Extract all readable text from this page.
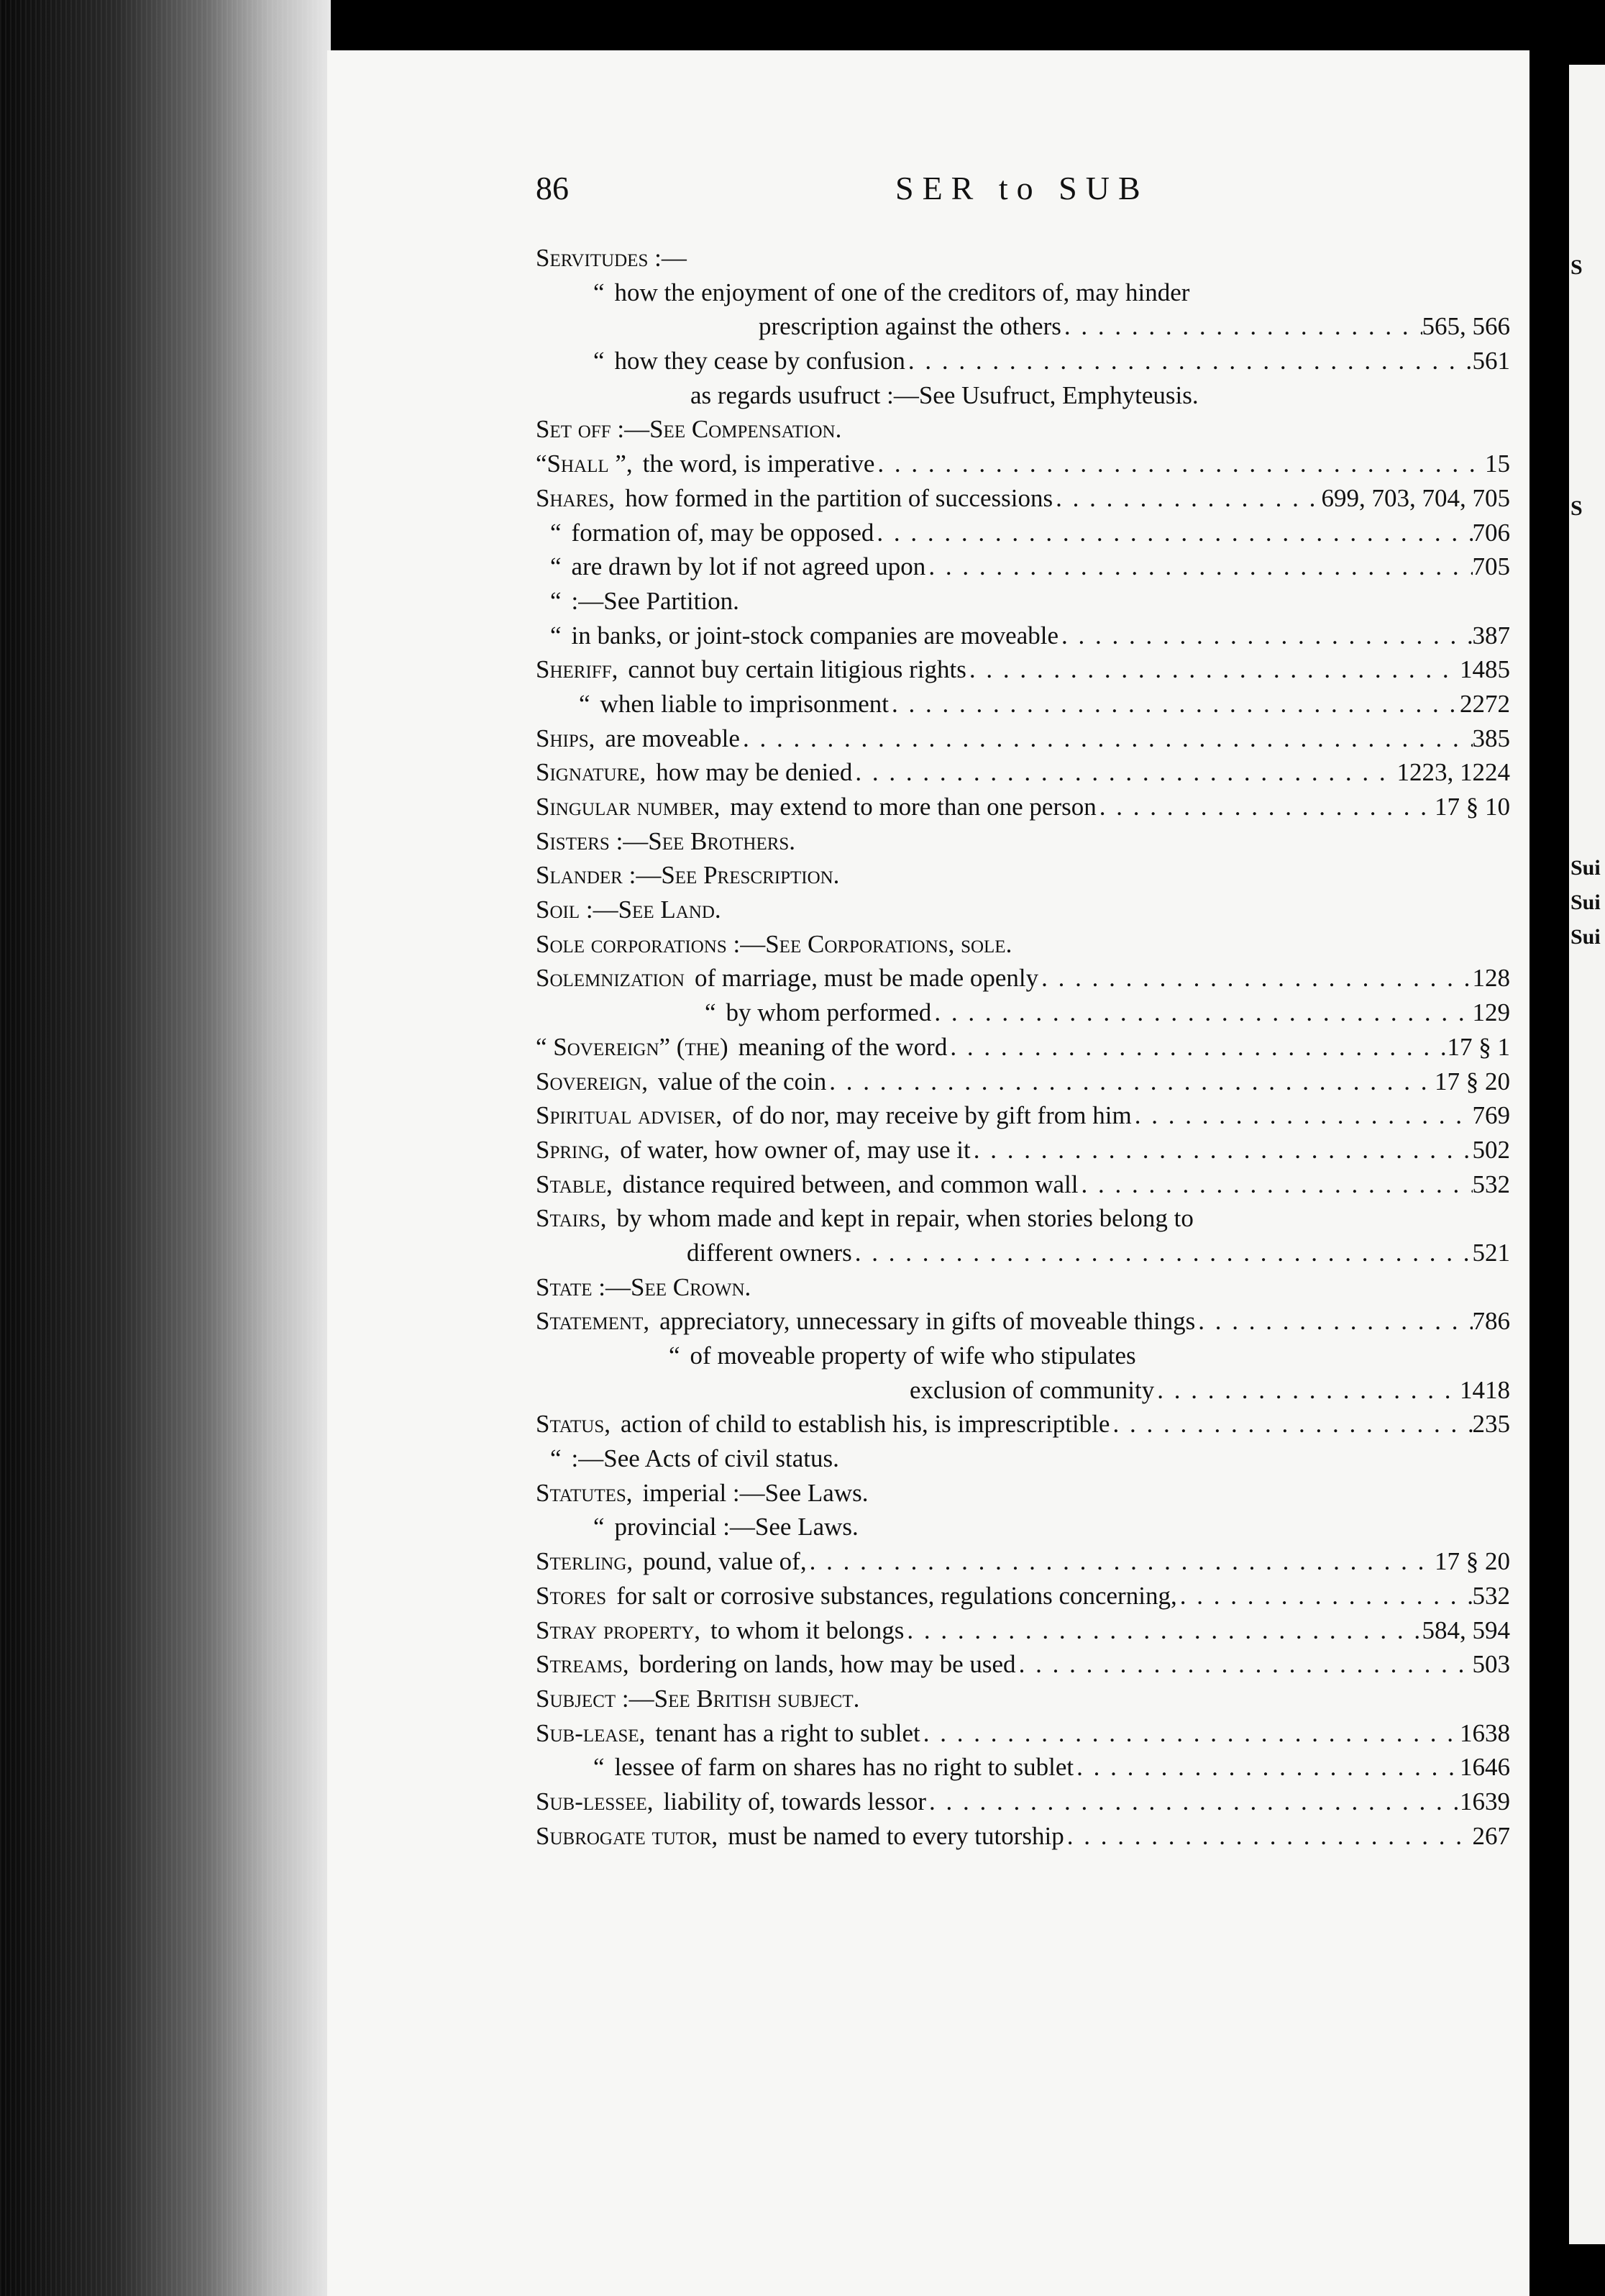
S
S
Sui
Sui
Sui
86	SER to SUB
Servitudes :—
“ how the enjoyment of one of the creditors of, may hinder
prescription against the others . . .	565, 566
“ how they cease by confusion . . .	561
as regards usufruct :—See Usufruct, Emphyteusis.
Set off :—See Compensation.
“Shall ”, the word, is imperative . . .	15
Shares, how formed in the partition of successions . . .	699, 703, 704, 705
“ formation of, may be opposed . . .	706
“ are drawn by lot if not agreed upon . . .	705
“ :—See Partition.
“ in banks, or joint-stock companies are moveable . . .	387
Sheriff, cannot buy certain litigious rights . . .	1485
“ when liable to imprisonment . . .	2272
Ships, are moveable . . .	385
Signature, how may be denied . . .	1223, 1224
Singular number, may extend to more than one person . . .	17 § 10
Sisters :—See Brothers.
Slander :—See Prescription.
Soil :—See Land.
Sole corporations :—See Corporations, sole.
Solemnization of marriage, must be made openly . . .	128
“ by whom performed . . .	129
“ Sovereign” (the) meaning of the word . . .	17 § 1
Sovereign, value of the coin . . .	17 § 20
Spiritual adviser, of do nor, may receive by gift from him . . .	769
Spring, of water, how owner of, may use it . . .	502
Stable, distance required between, and common wall . . .	532
Stairs, by whom made and kept in repair, when stories belong to
different owners . . .	521
State :—See Crown.
Statement, appreciatory, unnecessary in gifts of moveable things . . .	786
“ of moveable property of wife who stipulates
exclusion of community . . .	1418
Status, action of child to establish his, is imprescriptible . . .	235
“ :—See Acts of civil status.
Statutes, imperial :—See Laws.
“ provincial :—See Laws.
Sterling, pound, value of, . . .	17 § 20
Stores for salt or corrosive substances, regulations concerning, . . .	532
Stray property, to whom it belongs . . .	584, 594
Streams, bordering on lands, how may be used . . .	503
Subject :—See British subject.
Sub-lease, tenant has a right to sublet . . .	1638
“ lessee of farm on shares has no right to sublet . . .	1646
Sub-lessee, liability of, towards lessor . . .	1639
Subrogate tutor, must be named to every tutorship . . .	267
